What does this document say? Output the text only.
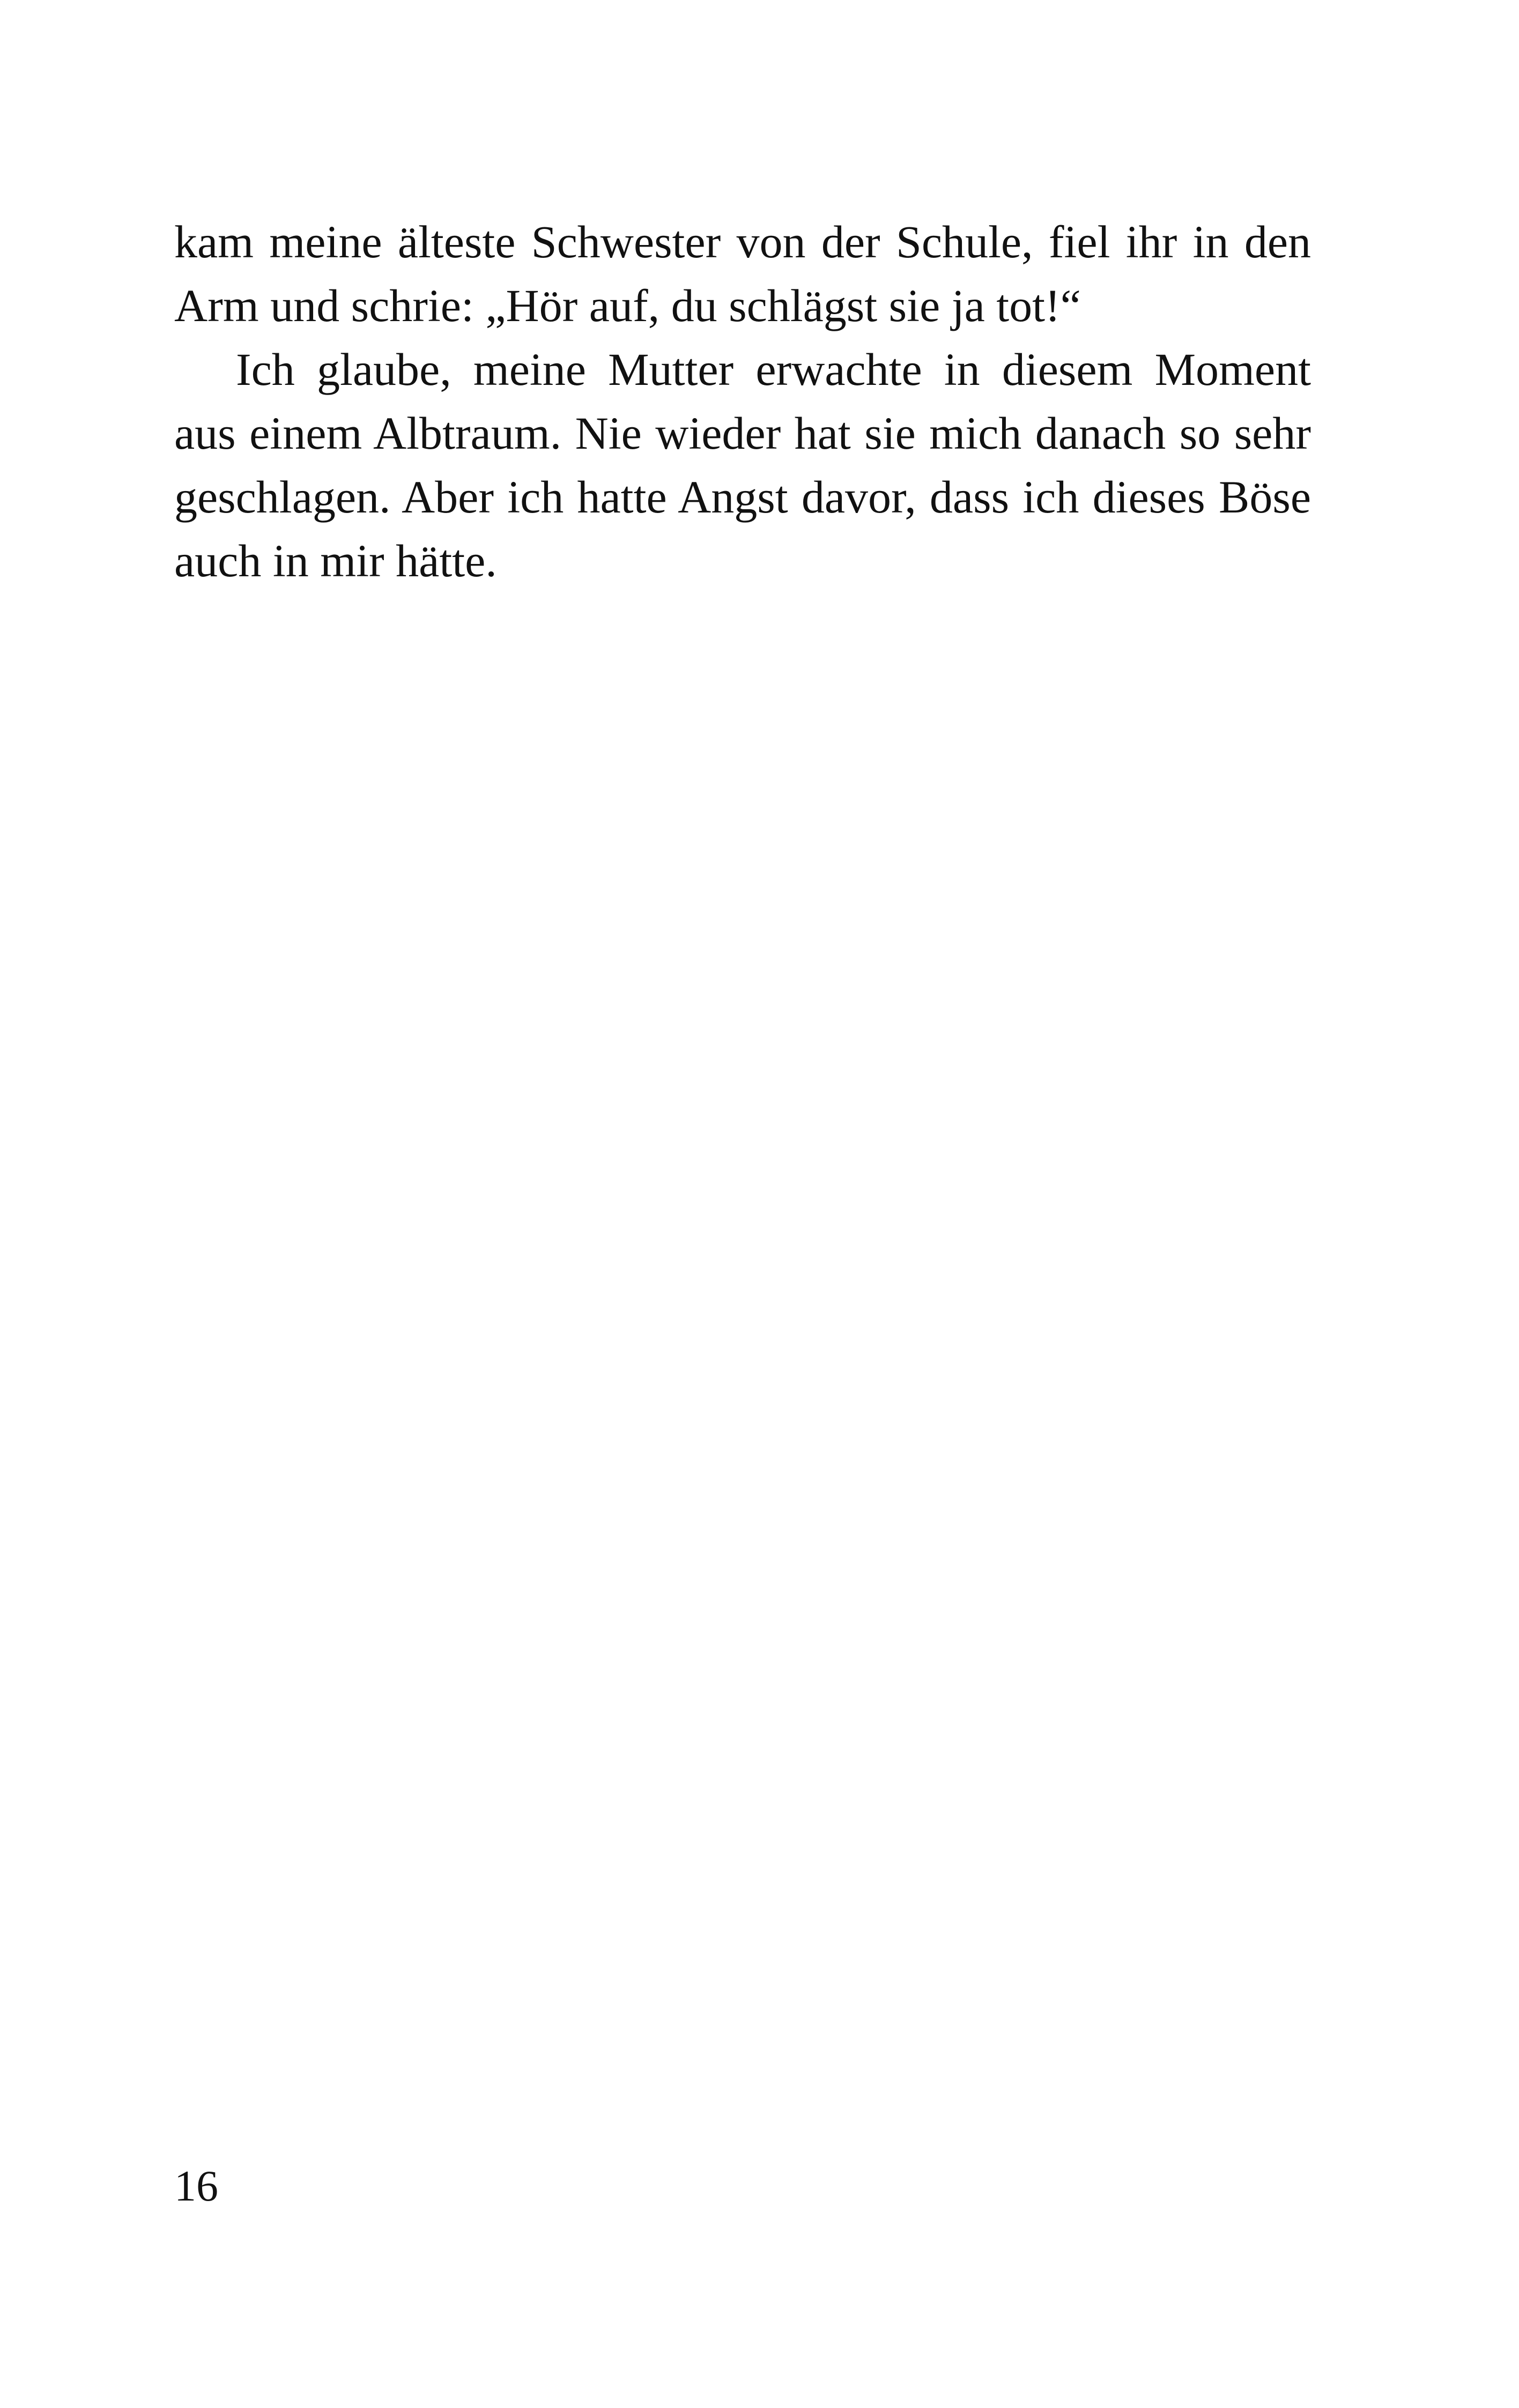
kam meine älteste Schwester von der Schule, fiel ihr in den
Arm und schrie: „Hör auf, du schlägst sie ja tot!“

Ich glaube, meine Mutter erwachte in diesem Moment
aus einem Albtraum. Nie wieder hat sie mich danach so sehr
geschlagen. Aber ich hatte Angst davor, dass ich dieses Böse
auch in mir hätte.

16
